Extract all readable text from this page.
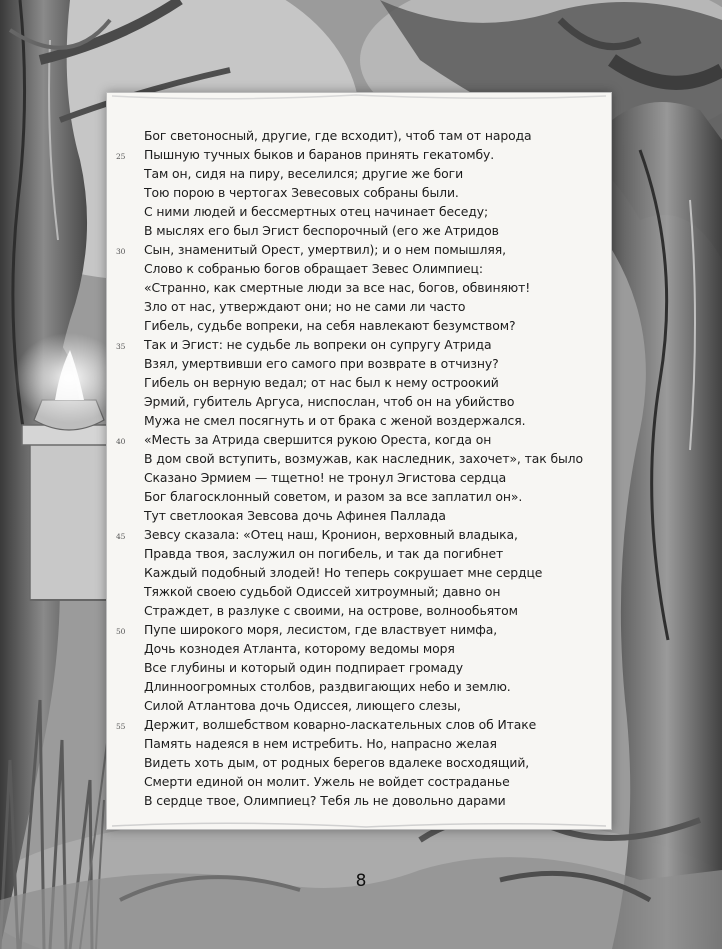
Бог светоносный, другие, где всходит), чтоб там от народа
25	Пышную тучных быков и баранов принять гекатомбу.
Там он, сидя на пиру, веселился; другие же боги
Тою порою в чертогах Зевесовых собраны были.
С ними людей и бессмертных отец начинает беседу;
В мыслях его был Эгист беспорочный (его же Атридов
30	Сын, знаменитый Орест, умертвил); и о нем помышляя,
Слово к собранью богов обращает Зевес Олимпиец:
«Странно, как смертные люди за все нас, богов, обвиняют!
Зло от нас, утверждают они; но не сами ли часто
Гибель, судьбе вопреки, на себя навлекают безумством?
35	Так и Эгист: не судьбе ль вопреки он супругу Атрида
Взял, умертвивши его самого при возврате в отчизну?
Гибель он верную ведал; от нас был к нему остроокий
Эрмий, губитель Аргуса, ниспослан, чтоб он на убийство
Мужа не смел посягнуть и от брака с женой воздержался.
40	«Месть за Атрида свершится рукою Ореста, когда он
В дом свой вступить, возмужав, как наследник, захочет», так было
Сказано Эрмием — тщетно! не тронул Эгистова сердца
Бог благосклонный советом, и разом за все заплатил он».
Тут светлоокая Зевсова дочь Афинея Паллада
45	Зевсу сказала: «Отец наш, Кронион, верховный владыка,
Правда твоя, заслужил он погибель, и так да погибнет
Каждый подобный злодей! Но теперь сокрушает мне сердце
Тяжкой своею судьбой Одиссей хитроумный; давно он
Страждет, в разлуке с своими, на острове, волнообьятом
50	Пупе широкого моря, лесистом, где властвует нимфа,
Дочь кознодея Атланта, которому ведомы моря
Все глубины и который один подпирает громаду
Длинноогромных столбов, раздвигающих небо и землю.
Силой Атлантова дочь Одиссея, лиющего слезы,
55	Держит, волшебством коварно-ласкательных слов об Итаке
Память надеяся в нем истребить. Но, напрасно желая
Видеть хоть дым, от родных берегов вдалеке восходящий,
Смерти единой он молит. Ужель не войдет состраданье
В сердце твое, Олимпиец? Тебя ль не довольно дарами
8
